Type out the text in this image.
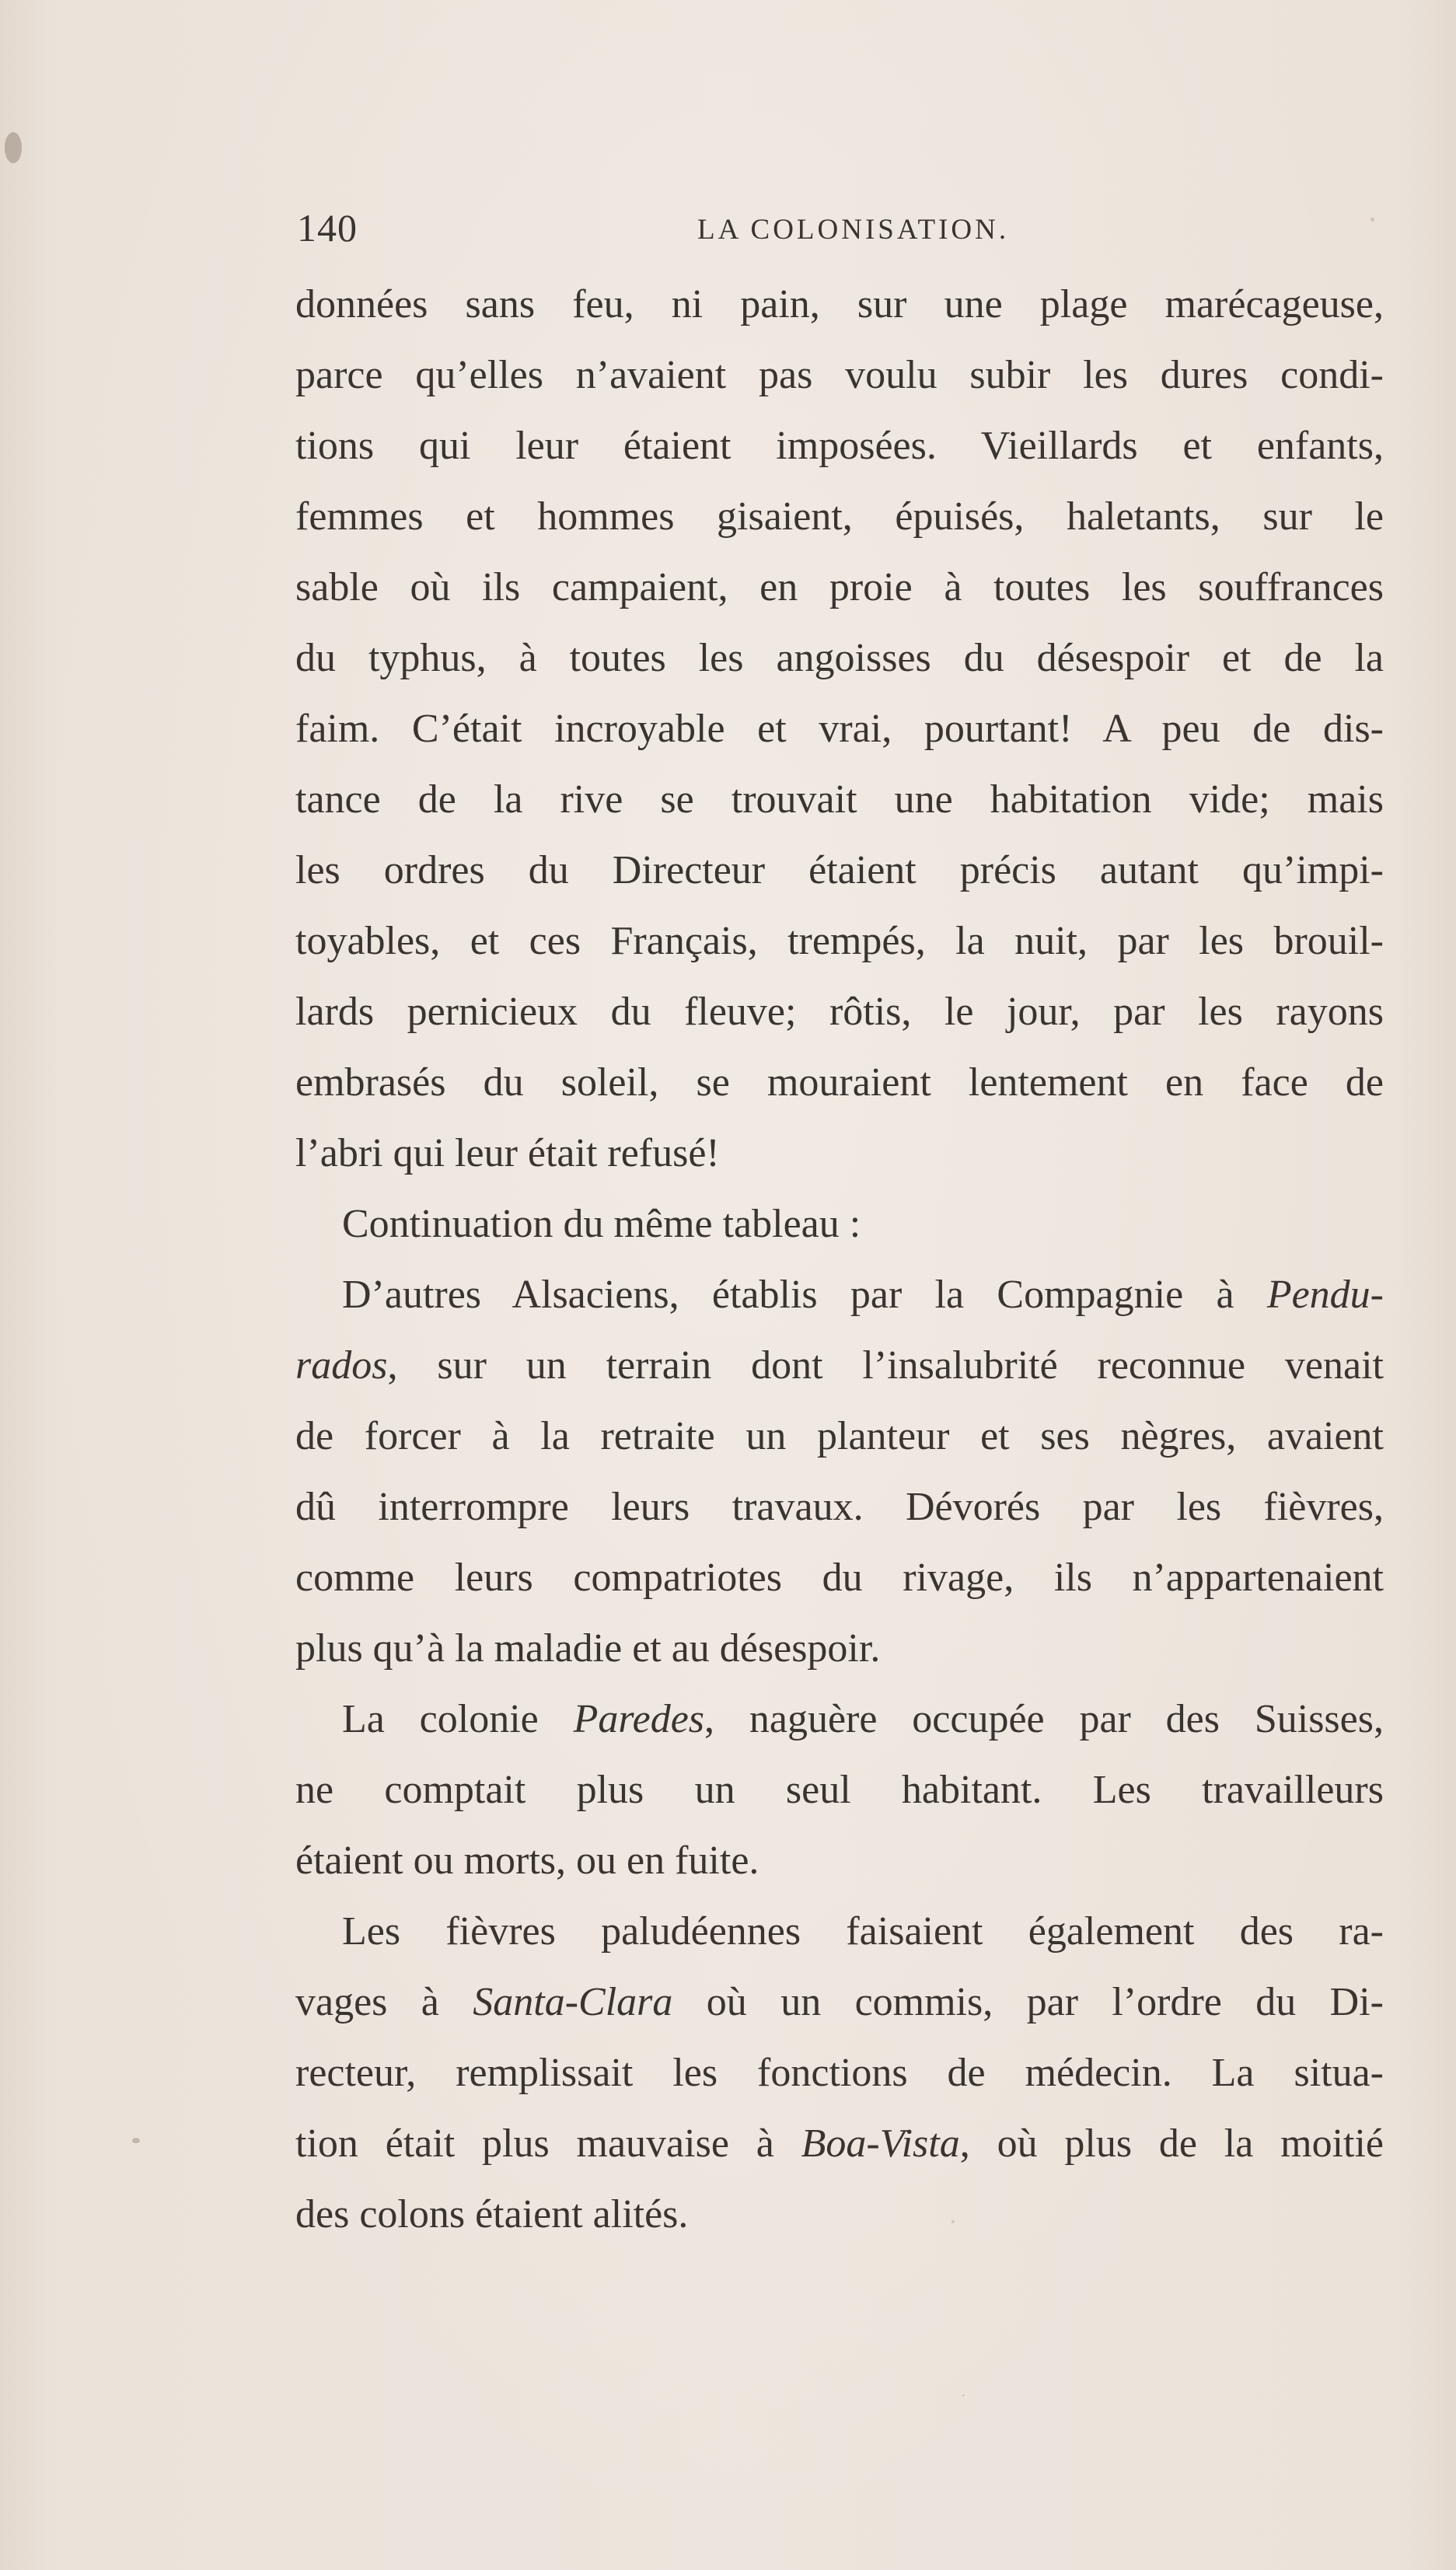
140	LA COLONISATION.
données sans feu, ni pain, sur une plage marécageuse,
parce qu’elles n’avaient pas voulu subir les dures condi-
tions qui leur étaient imposées. Vieillards et enfants,
femmes et hommes gisaient, épuisés, haletants, sur le
sable où ils campaient, en proie à toutes les souffrances
du typhus, à toutes les angoisses du désespoir et de la
faim. C’était incroyable et vrai, pourtant! A peu de dis-
tance de la rive se trouvait une habitation vide; mais
les ordres du Directeur étaient précis autant qu’impi-
toyables, et ces Français, trempés, la nuit, par les brouil-
lards pernicieux du fleuve; rôtis, le jour, par les rayons
embrasés du soleil, se mouraient lentement en face de
l’abri qui leur était refusé!
Continuation du même tableau :
D’autres Alsaciens, établis par la Compagnie à Pendu-
rados, sur un terrain dont l’insalubrité reconnue venait
de forcer à la retraite un planteur et ses nègres, avaient
dû interrompre leurs travaux. Dévorés par les fièvres,
comme leurs compatriotes du rivage, ils n’appartenaient
plus qu’à la maladie et au désespoir.
La colonie Paredes, naguère occupée par des Suisses,
ne comptait plus un seul habitant. Les travailleurs
étaient ou morts, ou en fuite.
Les fièvres paludéennes faisaient également des ra-
vages à Santa-Clara où un commis, par l’ordre du Di-
recteur, remplissait les fonctions de médecin. La situa-
tion était plus mauvaise à Boa-Vista, où plus de la moitié
des colons étaient alités.
